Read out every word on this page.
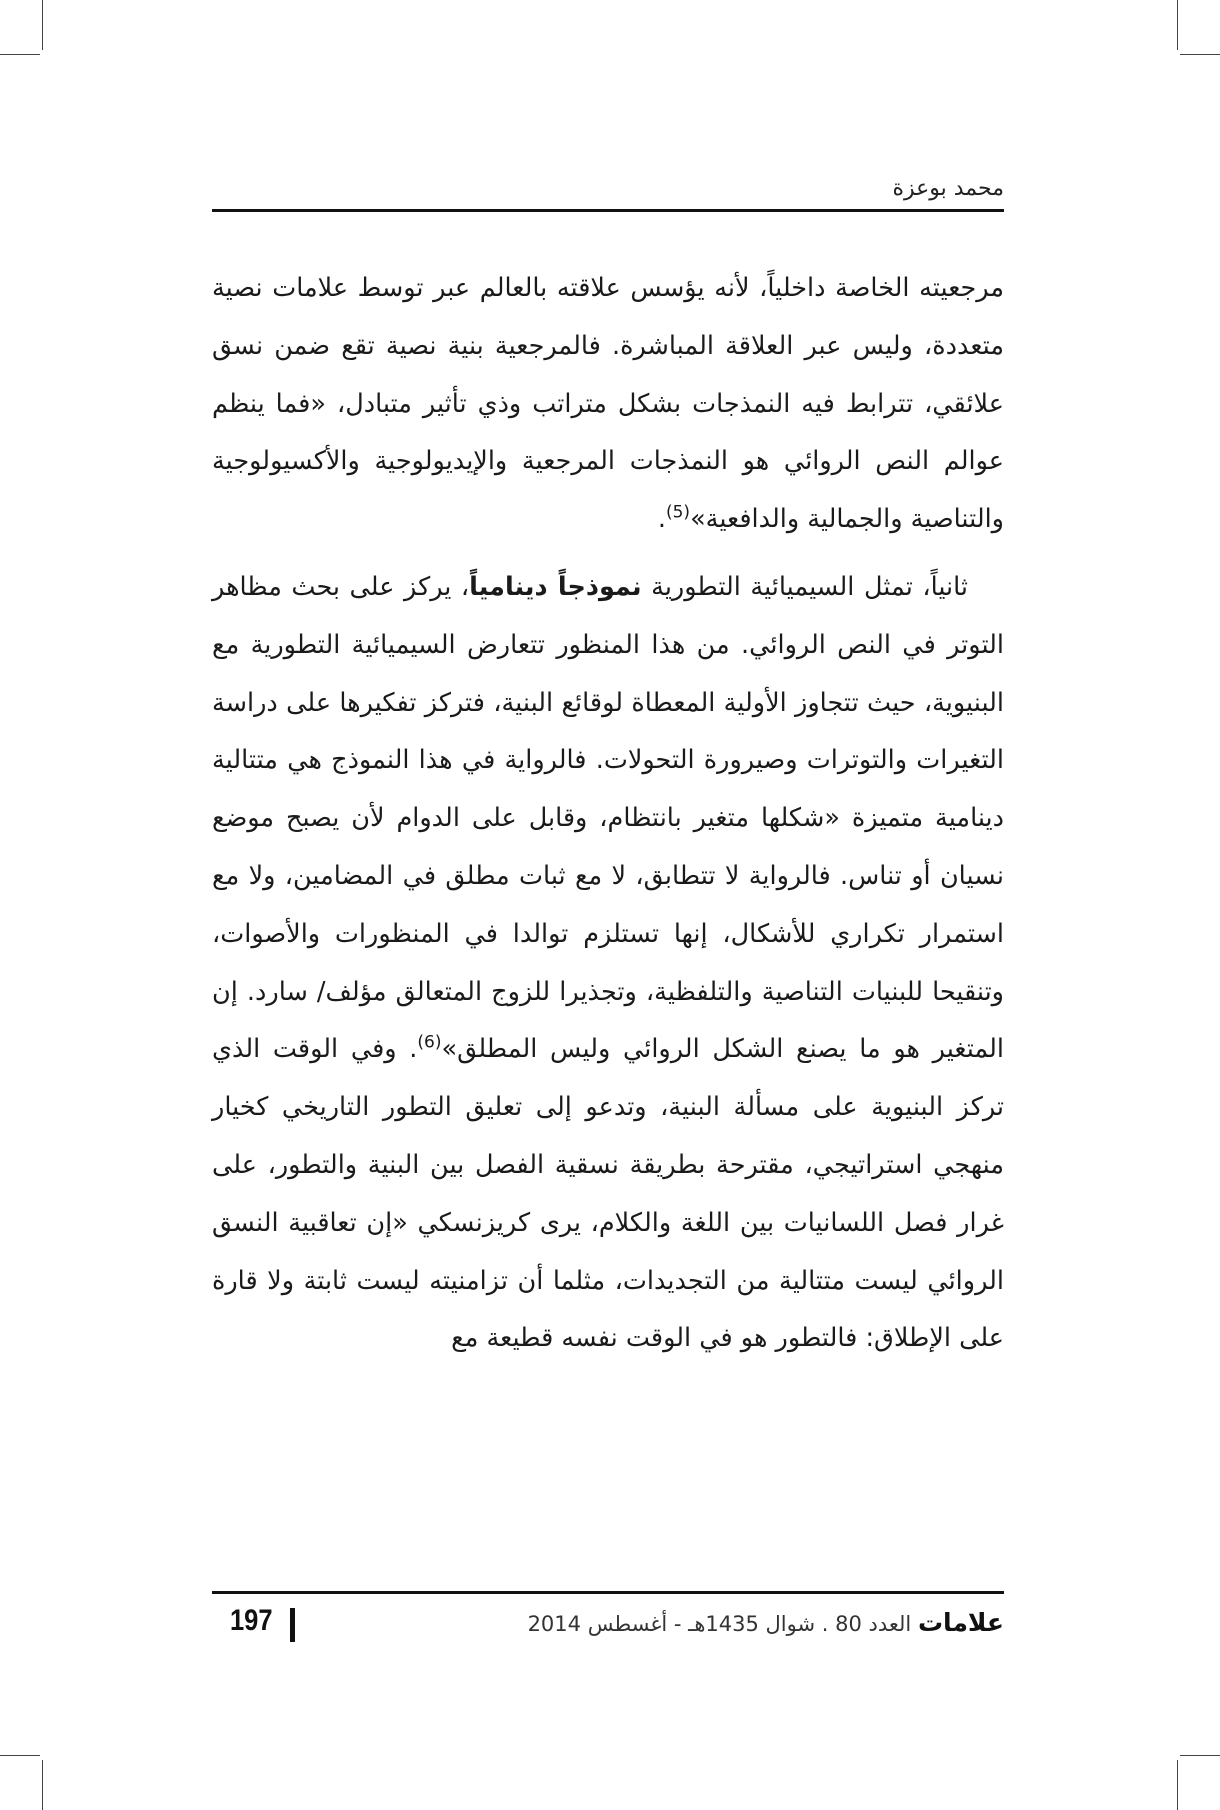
محمد بوعزة

مرجعيته الخاصة داخلياً، لأنه يؤسس علاقته بالعالم عبر توسط علامات نصية متعددة، وليس عبر العلاقة المباشرة. فالمرجعية بنية نصية تقع ضمن نسق علائقي، تترابط فيه النمذجات بشكل متراتب وذي تأثير متبادل، «فما ينظم عوالم النص الروائي هو النمذجات المرجعية والإيديولوجية والأكسيولوجية والتناصية والجمالية والدافعية»$^{(5)}$.

ثانياً، تمثل السيميائية التطورية نموذجاً دينامياً، يركز على بحث مظاهر التوتر في النص الروائي. من هذا المنظور تتعارض السيميائية التطورية مع البنيوية، حيث تتجاوز الأولية المعطاة لوقائع البنية، فتركز تفكيرها على دراسة التغيرات والتوترات وصيرورة التحولات. فالرواية في هذا النموذج هي متتالية دينامية متميزة «شكلها متغير بانتظام، وقابل على الدوام لأن يصبح موضع نسيان أو تناس. فالرواية لا تتطابق، لا مع ثبات مطلق في المضامين، ولا مع استمرار تكراري للأشكال، إنها تستلزم توالدا في المنظورات والأصوات، وتنقيحا للبنيات التناصية والتلفظية، وتجذيرا للزوج المتعالق مؤلف/ سارد. إن المتغير هو ما يصنع الشكل الروائي وليس المطلق»$^{(6)}$. وفي الوقت الذي تركز البنيوية على مسألة البنية، وتدعو إلى تعليق التطور التاريخي كخيار منهجي استراتيجي، مقترحة بطريقة نسقية الفصل بين البنية والتطور، على غرار فصل اللسانيات بين اللغة والكلام، يرى كريزنسكي «إن تعاقبية النسق الروائي ليست متتالية من التجديدات، مثلما أن تزامنيته ليست ثابتة ولا قارة على الإطلاق: فالتطور هو في الوقت نفسه قطيعة مع

197	علامات العدد 80 . شوال 1435هـ - أغسطس 2014
